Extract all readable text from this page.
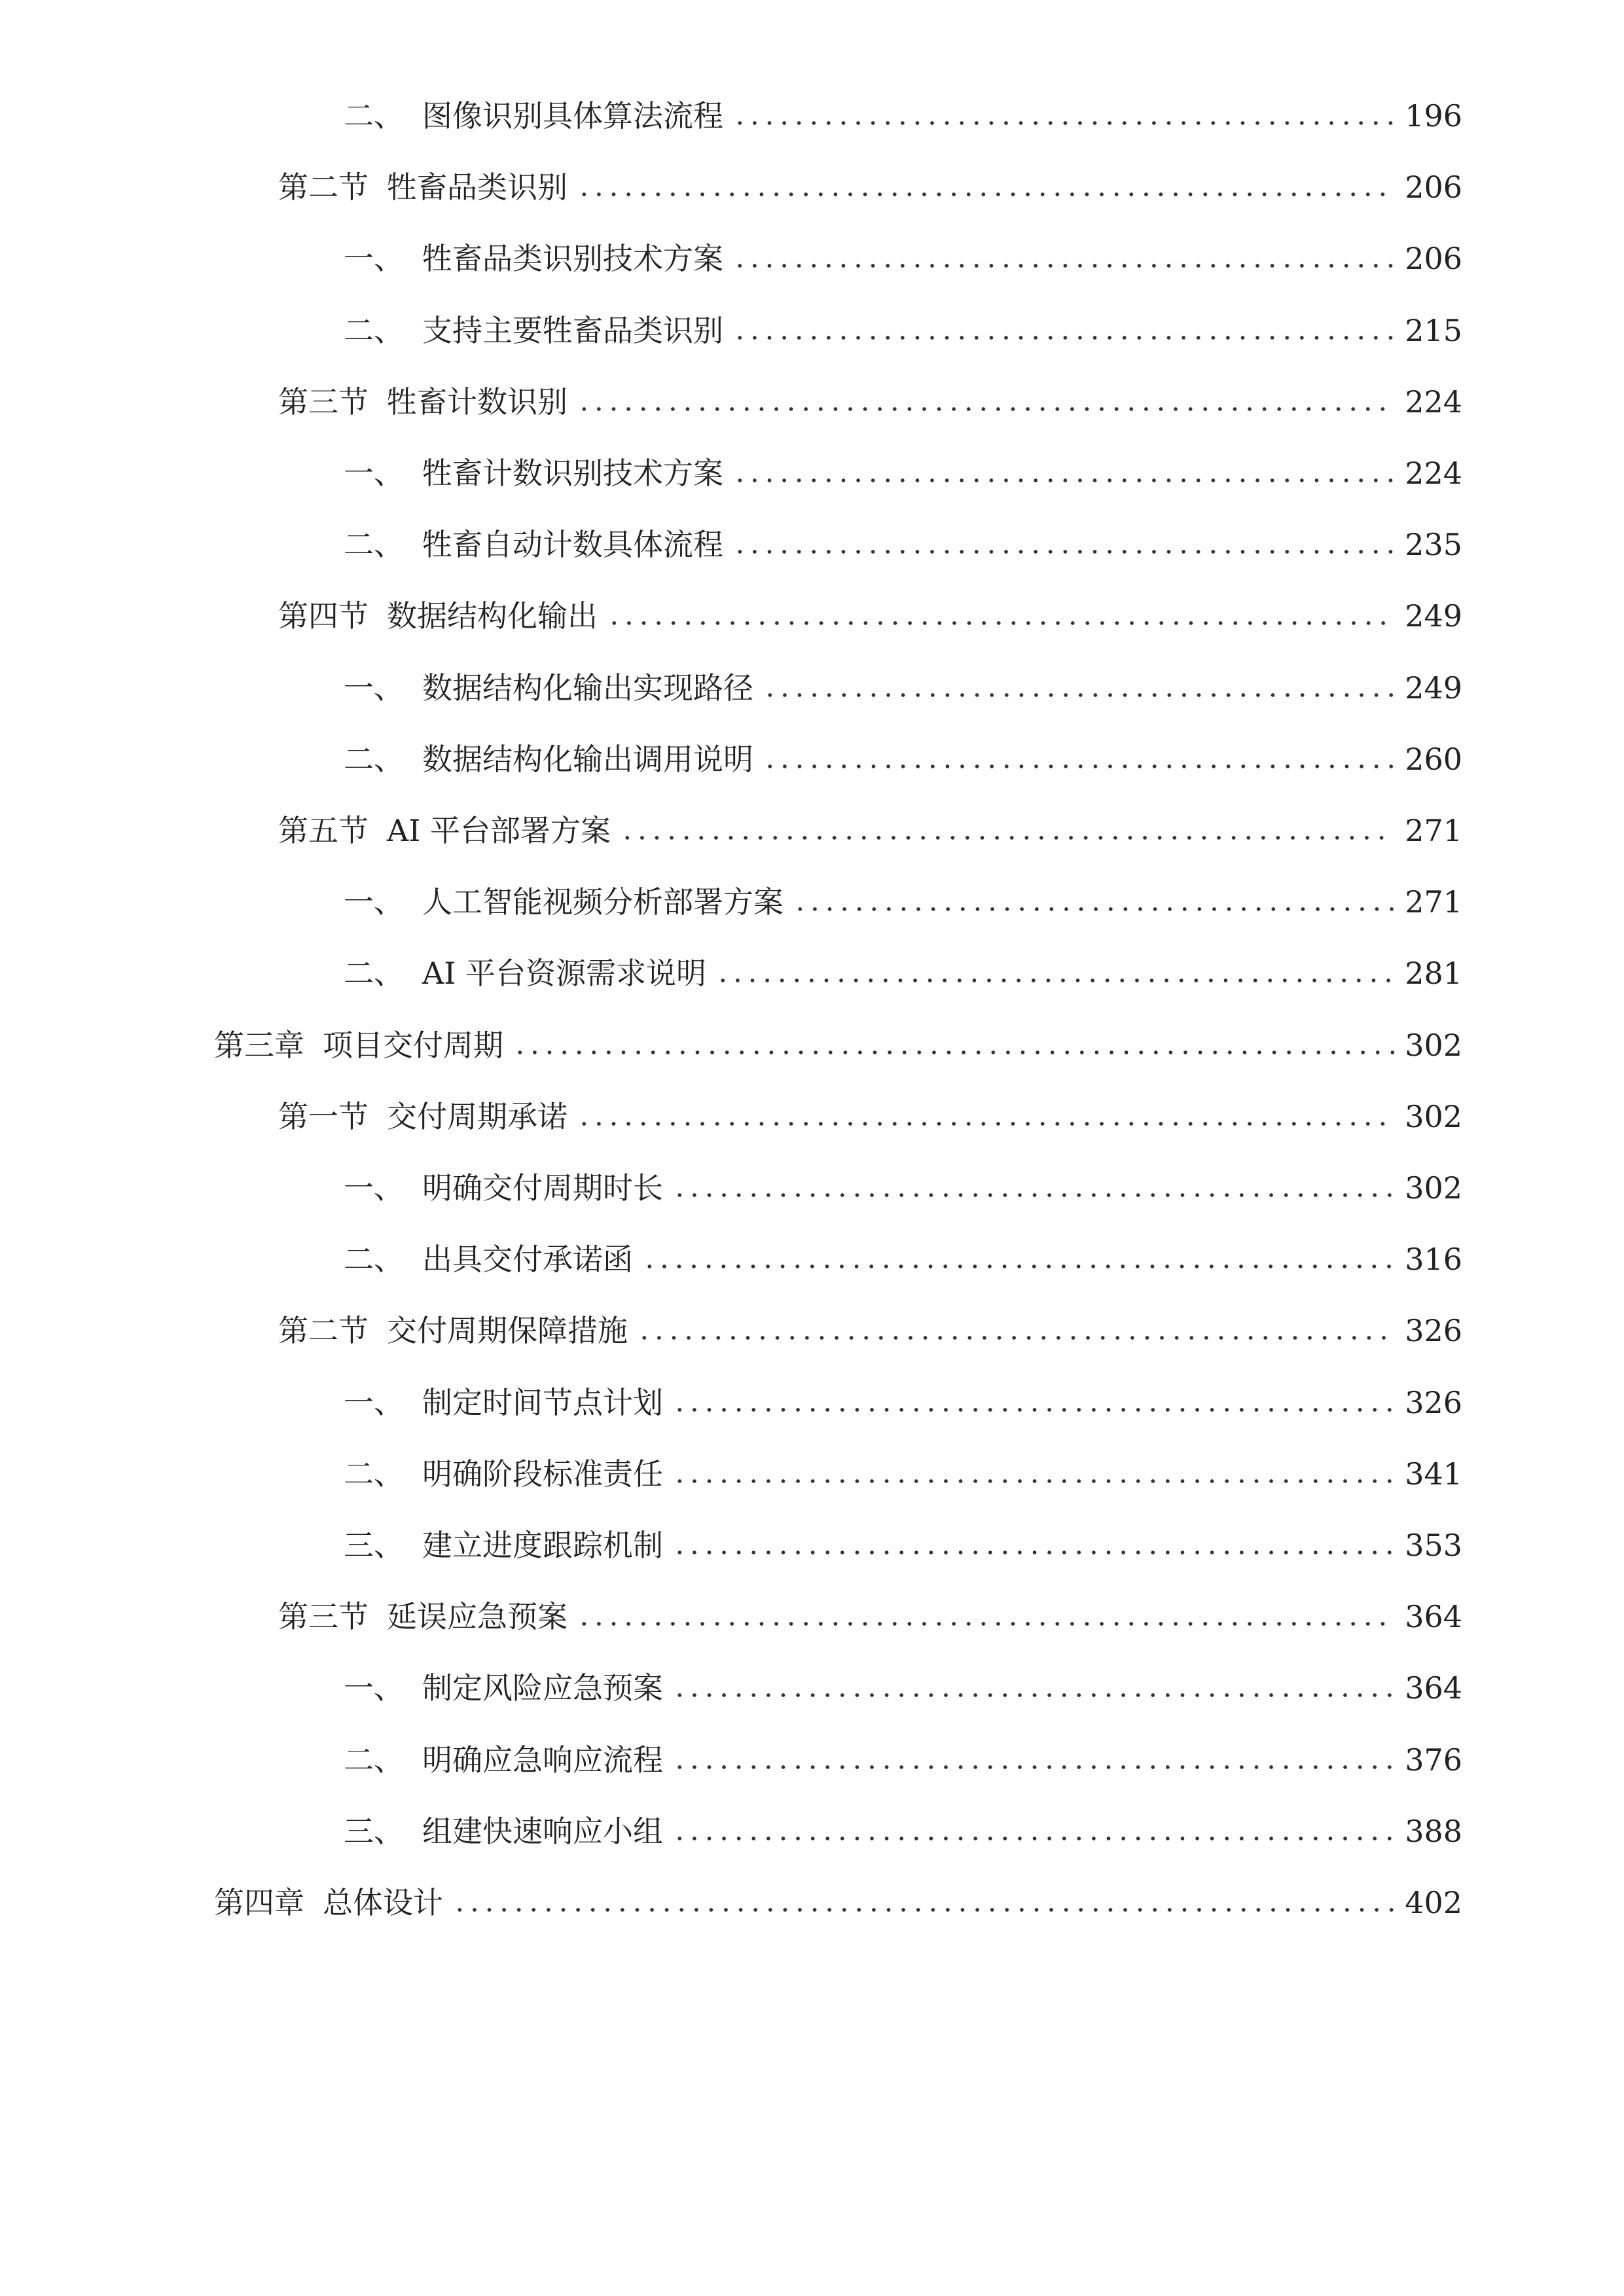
二、 图像识别具体算法流程	196
第二节 牲畜品类识别	206
一、 牲畜品类识别技术方案	206
二、 支持主要牲畜品类识别	215
第三节 牲畜计数识别	224
一、 牲畜计数识别技术方案	224
二、 牲畜自动计数具体流程	235
第四节 数据结构化输出	249
一、 数据结构化输出实现路径	249
二、 数据结构化输出调用说明	260
第五节 AI 平台部署方案	271
一、 人工智能视频分析部署方案	271
二、 AI 平台资源需求说明	281
第三章 项目交付周期	302
第一节 交付周期承诺	302
一、 明确交付周期时长	302
二、 出具交付承诺函	316
第二节 交付周期保障措施	326
一、 制定时间节点计划	326
二、 明确阶段标准责任	341
三、 建立进度跟踪机制	353
第三节 延误应急预案	364
一、 制定风险应急预案	364
二、 明确应急响应流程	376
三、 组建快速响应小组	388
第四章 总体设计	402
